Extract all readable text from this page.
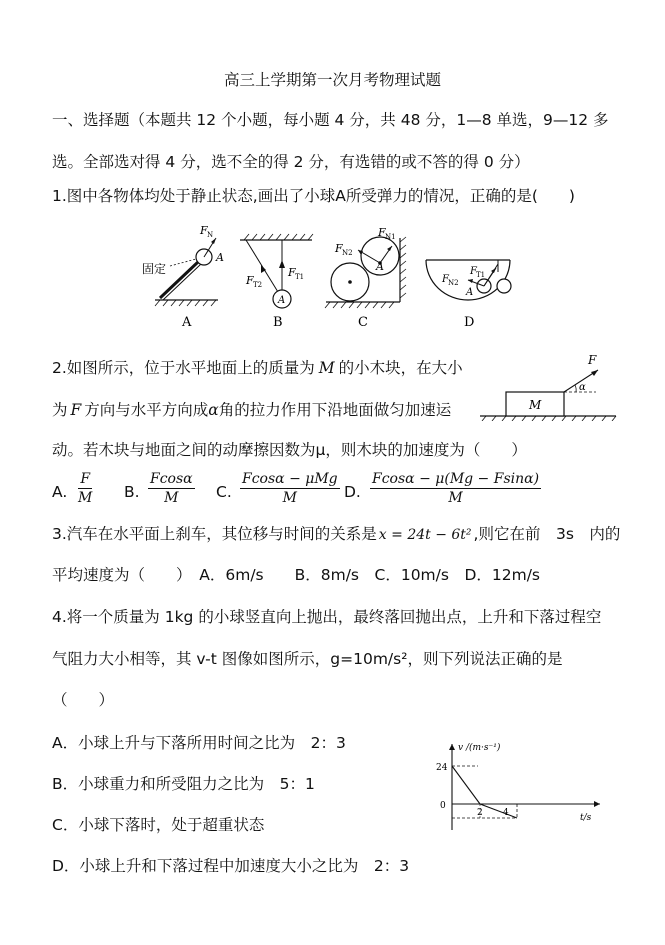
高三上学期第一次月考物理试题
一、选择题（本题共 12 个小题，每小题 4 分，共 48 分，1—8 单选，9—12 多
选。全部选对得 4 分，选不全的得 2 分，有选错的或不答的得 0 分）
1.图中各物体均处于静止状态,画出了小球A所受弹力的情况，正确的是(　　)
F N
A
固定	F T1
F T2
A
F N2
F N1
A	F T1
F N2
A
A	B	C	D
2.如图所示，位于水平地面上的质量为 M 的小木块，在大小
为 F 方向与水平方向成α角的拉力作用下沿地面做匀加速运
动。若木块与地面之间的动摩擦因数为μ，则木块的加速度为（　　）
F
α
M
A. $\frac{F}{M} B$. $\frac{Fcos\alpha}{M} C$.
Fcosα − μMg
M	D. $\frac{Fcos\alpha - \mu(Mg - Fsin\alpha)}{M}$
3.汽车在水平面上刹车，其位移与时间的关系是 x = 24t − 6t² ,则它在前　3s　内的
平均速度为（　　）　A．6m/s　　B．8m/s　C．10m/s　D．12m/s
4.将一个质量为 1kg 的小球竖直向上抛出，最终落回抛出点，上升和下落过程空
气阻力大小相等，其 v-t 图像如图所示，g=10m/s²，则下列说法正确的是
（　　）
A．小球上升与下落所用时间之比为　2：3
B．小球重力和所受阻力之比为　5：1
C．小球下落时，处于超重状态
D．小球上升和下落过程中加速度大小之比为　2：3
v /(m·s⁻¹)
t/s
24
0
2 4
